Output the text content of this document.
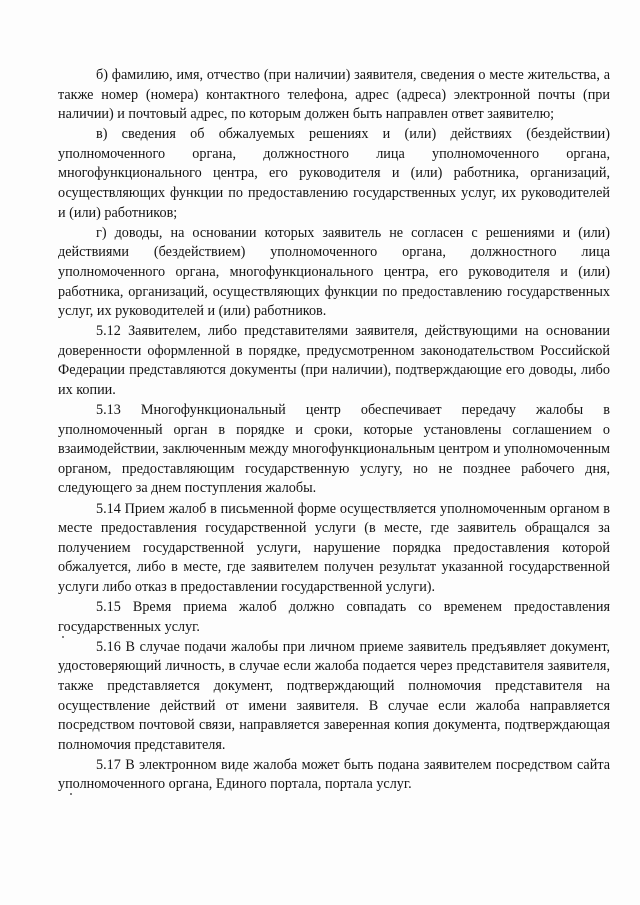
б) фамилию, имя, отчество (при наличии) заявителя, сведения о месте жительства, а также номер (номера) контактного телефона, адрес (адреса) электронной почты (при наличии) и почтовый адрес, по которым должен быть направлен ответ заявителю;

в) сведения об обжалуемых решениях и (или) действиях (бездействии) уполномоченного органа, должностного лица уполномоченного органа, многофункционального центра, его руководителя и (или) работника, организаций, осуществляющих функции по предоставлению государственных услуг, их руководителей и (или) работников;

г) доводы, на основании которых заявитель не согласен с решениями и (или) действиями (бездействием) уполномоченного органа, должностного лица уполномоченного органа, многофункционального центра, его руководителя и (или) работника, организаций, осуществляющих функции по предоставлению государственных услуг, их руководителей и (или) работников.

5.12 Заявителем, либо представителями заявителя, действующими на основании доверенности оформленной в порядке, предусмотренном законодательством Российской Федерации представляются документы (при наличии), подтверждающие его доводы, либо их копии.

5.13 Многофункциональный центр обеспечивает передачу жалобы в уполномоченный орган в порядке и сроки, которые установлены соглашением о взаимодействии, заключенным между многофункциональным центром и уполномоченным органом, предоставляющим государственную услугу, но не позднее рабочего дня, следующего за днем поступления жалобы.

5.14 Прием жалоб в письменной форме осуществляется уполномоченным органом в месте предоставления государственной услуги (в месте, где заявитель обращался за получением государственной услуги, нарушение порядка предоставления которой обжалуется, либо в месте, где заявителем получен результат указанной государственной услуги либо отказ в предоставлении государственной услуги).

5.15 Время приема жалоб должно совпадать со временем предоставления государственных услуг.

5.16 В случае подачи жалобы при личном приеме заявитель предъявляет документ, удостоверяющий личность, в случае если жалоба подается через представителя заявителя, также представляется документ, подтверждающий полномочия представителя на осуществление действий от имени заявителя. В случае если жалоба направляется посредством почтовой связи, направляется заверенная копия документа, подтверждающая полномочия представителя.

5.17 В электронном виде жалоба может быть подана заявителем посредством сайта уполномоченного органа, Единого портала, портала услуг.
